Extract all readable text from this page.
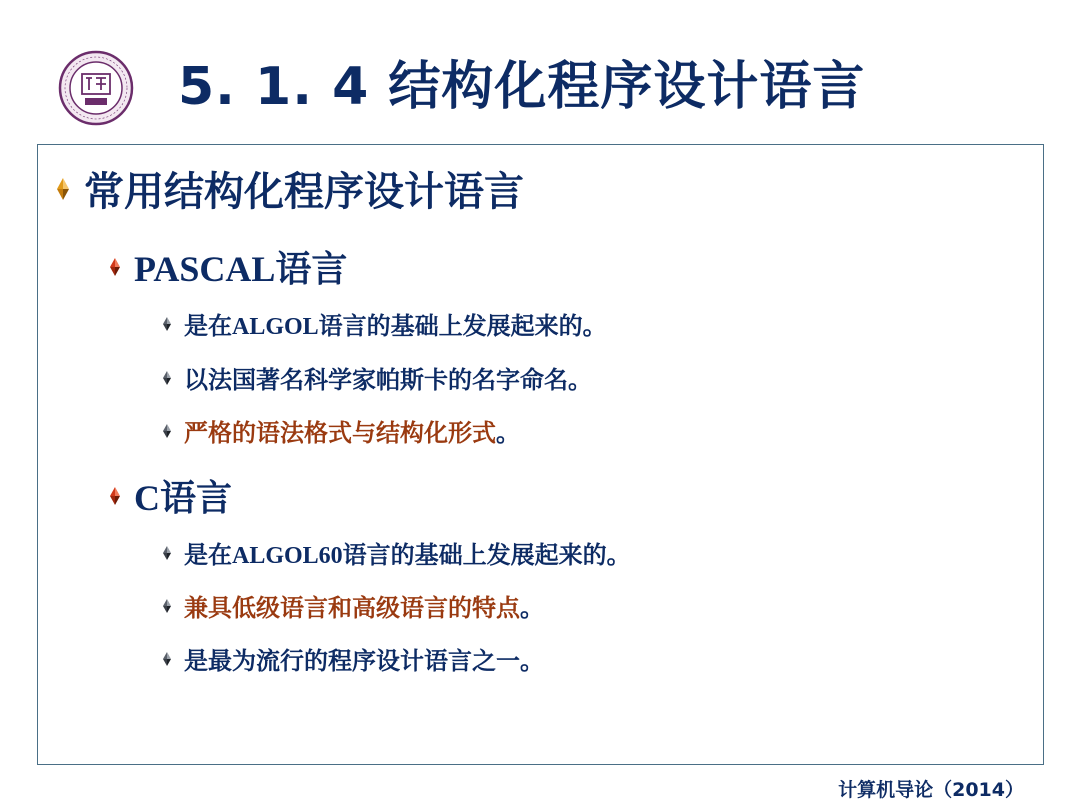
5. 1. 4 结构化程序设计语言
常用结构化程序设计语言
PASCAL语言
是在ALGOL语言的基础上发展起来的。
以法国著名科学家帕斯卡的名字命名。
严格的语法格式与结构化形式。
C语言
是在ALGOL60语言的基础上发展起来的。
兼具低级语言和高级语言的特点。
是最为流行的程序设计语言之一。
计算机导论（2014）
